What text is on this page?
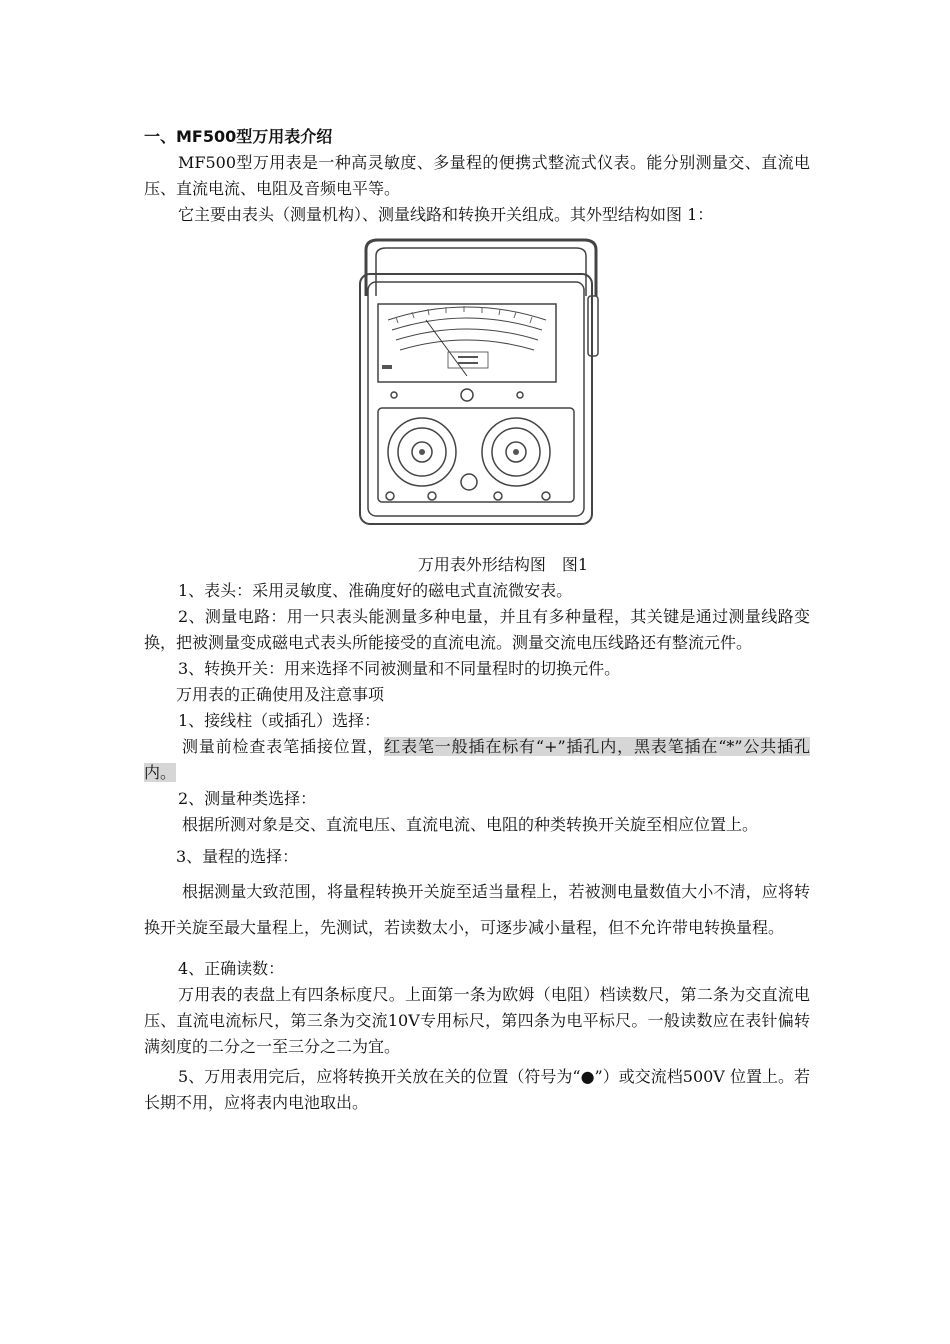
一、MF500型万用表介绍

MF500型万用表是一种高灵敏度、多量程的便携式整流式仪表。能分别测量交、直流电压、直流电流、电阻及音频电平等。

它主要由表头（测量机构）、测量线路和转换开关组成。其外型结构如图 1：

万用表外形结构图　图1

1、表头：采用灵敏度、准确度好的磁电式直流微安表。

2、测量电路：用一只表头能测量多种电量，并且有多种量程，其关键是通过测量线路变换，把被测量变成磁电式表头所能接受的直流电流。测量交流电压线路还有整流元件。

3、转换开关：用来选择不同被测量和不同量程时的切换元件。

万用表的正确使用及注意事项

1、接线柱（或插孔）选择：

测量前检查表笔插接位置，红表笔一般插在标有“+”插孔内，黑表笔插在“*”公共插孔内。

2、测量种类选择：

根据所测对象是交、直流电压、直流电流、电阻的种类转换开关旋至相应位置上。

3、量程的选择：

根据测量大致范围，将量程转换开关旋至适当量程上，若被测电量数值大小不清，应将转换开关旋至最大量程上，先测试，若读数太小，可逐步减小量程，但不允许带电转换量程。

4、正确读数：

万用表的表盘上有四条标度尺。上面第一条为欧姆（电阻）档读数尺，第二条为交直流电压、直流电流标尺，第三条为交流10V专用标尺，第四条为电平标尺。一般读数应在表针偏转满刻度的二分之一至三分之二为宜。

5、万用表用完后，应将转换开关放在关的位置（符号为“●”）或交流档500V 位置上。若长期不用，应将表内电池取出。
